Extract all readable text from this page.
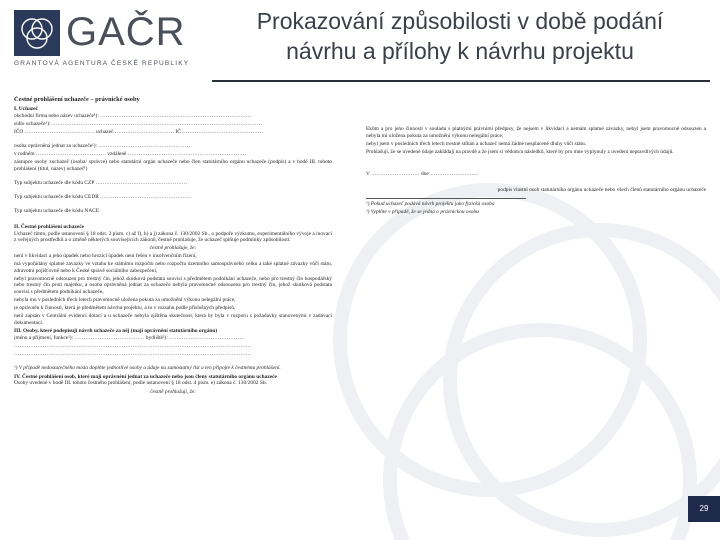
GAČR
GRANTOVÁ AGENTURA ČESKÉ REPUBLIKY
Prokazování způsobilosti v době podání
návrhu a přílohy k návrhu projektu
Čestné prohlášení uchazeče – právnické osoby
I. Uchazeč

obchodní firma nebo název uchazeče¹): …………………………………………………………………………

sídlo uchazeče¹): ………………………………………………………………………………………………………

IČO ………………………………… uchazeč …………………………… IČ ………………………………………

osoba oprávněná jednat za uchazeče¹): ……………………………………………

v rodném ………………………………… vzdáleně …………………………………………………………

zástupce osoby zuchazeč (osoba/ správce) nebo statutární orgán uchazeče nebo člen statutárního orgánu uchazeče (podpis) a v bodě III. tohoto prohlášení (titul, název) uchazeč¹)

Typ subjektu uchazeče dle kódu CZP ……………………………………………

Typ subjektu uchazeče dle kódu CEDR ……………………………………………

Typ subjektu uchazeče dle kódu NACE

II. Čestné prohlášení uchazeče

Uchazeč tímto, podle ustanovení § 18 odst. 2 písm. c) až f), h) a j) zákona č. 130/2002 Sb., o podpoře výzkumu, experimentálního vývoje a inovací z veřejných prostředků a o změně některých souvisejících zákonů, čestně prohlašuje, že uchazeč splňuje podmínky způsobilosti:

čestně prohlašuje, že:

není v likvidaci a jeho úpadek nebo hrozící úpadek není řešen v insolvenčním řízení,

má vypořádány splatné závazky ve vztahu ke státnímu rozpočtu nebo rozpočtu územního samosprávného celku a také splatné závazky vůči státu, zdravotní pojišťovně nebo k České správě sociálního zabezpečení,

nebyl pravomocně odsouzen pro trestný čin, jehož skutková podstata souvisí s předmětem podnikání uchazeče, nebo pro trestný čin hospodářský nebo trestný čin proti majetku, a osoba oprávněná jednat za uchazeče nebyla pravomocně odsouzena pro trestný čin, jehož skutková podstata souvisí s předmětem podnikání uchazeče,

nebyla mu v posledních třech letech pravomocně uložena pokuta za umožnění výkonu nelegální práce,

je oprávněn k činnosti, která je předmětem návrhu projektu, a to v rozsahu podle příslušných předpisů,

není zapsán v Centrální evidenci dotací a u uchazeče nebyla zjištěna skutečnost, která by byla v rozporu s požadavky stanovenými v zadávací dokumentaci.

III. Osoby, které podepisují návrh uchazeče za něj (mají oprávnění statutárního orgánu)

jméno a příjmení, funkce¹): ………………………………… bydliště¹): ……………………………………

……………………………………………………………………………………………………………………

……………………………………………………………………………………………………………………

¹) V případě nedostatečného místa doplňte jednotlivé osoby a údaje na samostatný list a ten připojte k čestnému prohlášení.

IV. Čestné prohlášení osob, které mají oprávnění jednat za uchazeče nebo jsou členy statutárního orgánu uchazeče

Osoby uvedené v bodě III. tohoto čestného prohlášení, podle ustanovení § 18 odst. 4 písm. e) zákona č. 130/2002 Sb.

čestně prohlašuji, že:

Ekům a pro jeho činnosti v souladu s platnými právními předpisy, že nejsem v likvidaci a nemám splatné závazky, nebyl jsem pravomocně odsouzen a nebyla mi uložena pokuta za umožnění výkonu nelegální práce;

nebyl jsem v posledních třech letech trestně stíhán a uchazeč nemá žádné nesplacené dluhy vůči státu.

Prohlašuji, že se uvedené údaje zakládají na pravdě a že jsem si vědom/a následků, které by pro mne vyplynuly z uvedení nepravdivých údajů.

V ……………………… dne ………………………

podpis vlastní osob statutárního orgánu uchazeče nebo všech členů statutárního orgánu uchazeče

¹) Pokud uchazeč podává návrh projektu jako fyzická osoba

²) Vyplňte v případě, že se jedná o právnickou osobu

29
